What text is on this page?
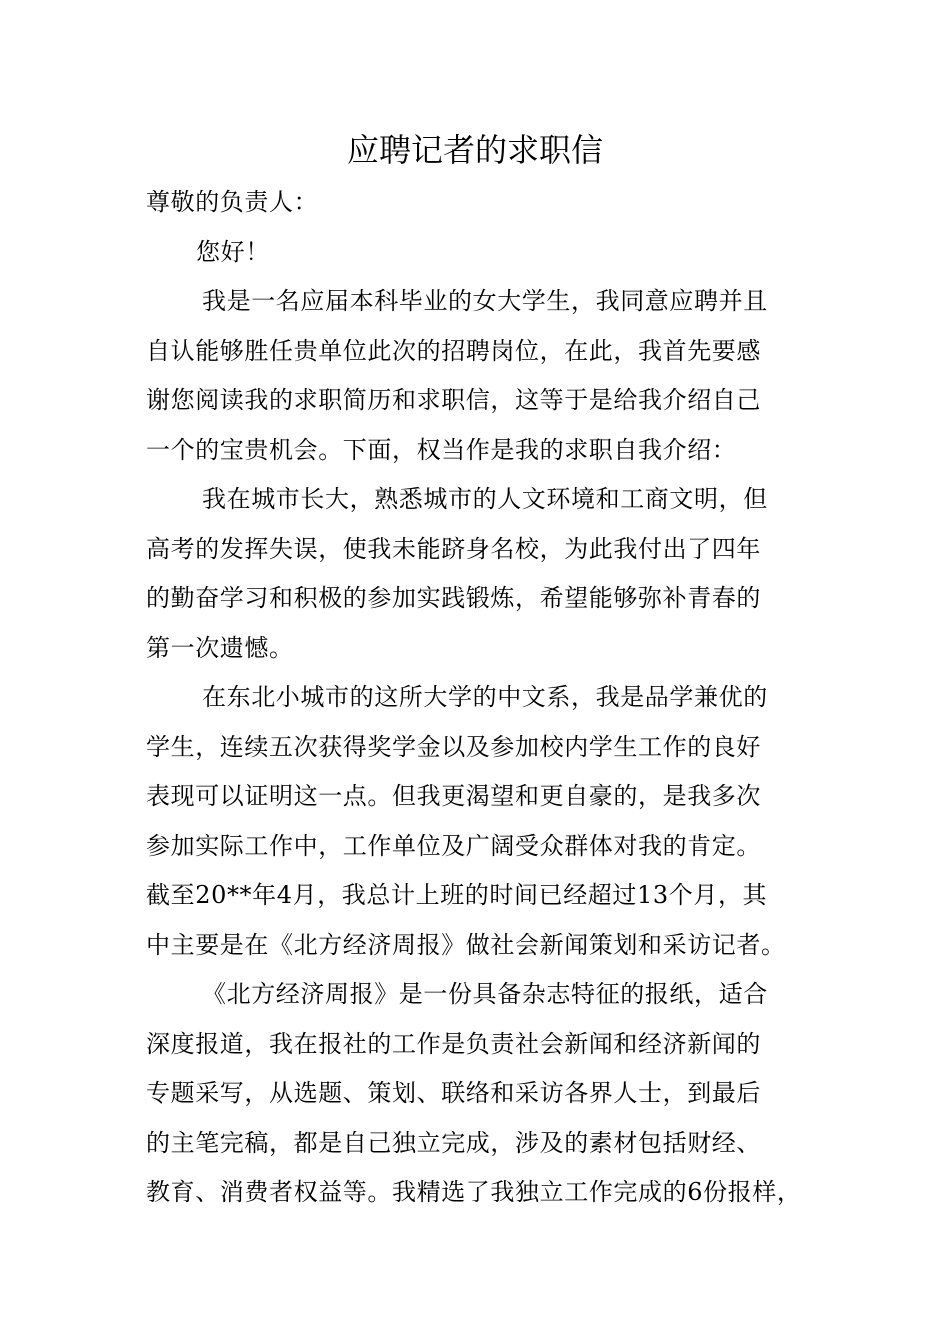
应聘记者的求职信
尊敬的负责人：
您好！
我是一名应届本科毕业的女大学生，我同意应聘并且
自认能够胜任贵单位此次的招聘岗位，在此，我首先要感
谢您阅读我的求职简历和求职信，这等于是给我介绍自己
一个的宝贵机会。下面，权当作是我的求职自我介绍：
我在城市长大，熟悉城市的人文环境和工商文明，但
高考的发挥失误，使我未能跻身名校，为此我付出了四年
的勤奋学习和积极的参加实践锻炼，希望能够弥补青春的
第一次遗憾。
在东北小城市的这所大学的中文系，我是品学兼优的
学生，连续五次获得奖学金以及参加校内学生工作的良好
表现可以证明这一点。但我更渴望和更自豪的，是我多次
参加实际工作中，工作单位及广阔受众群体对我的肯定。
截至20**年4月，我总计上班的时间已经超过13个月，其
中主要是在《北方经济周报》做社会新闻策划和采访记者。
《北方经济周报》是一份具备杂志特征的报纸，适合
深度报道，我在报社的工作是负责社会新闻和经济新闻的
专题采写，从选题、策划、联络和采访各界人士，到最后
的主笔完稿，都是自己独立完成，涉及的素材包括财经、
教育、消费者权益等。我精选了我独立工作完成的6份报样，
